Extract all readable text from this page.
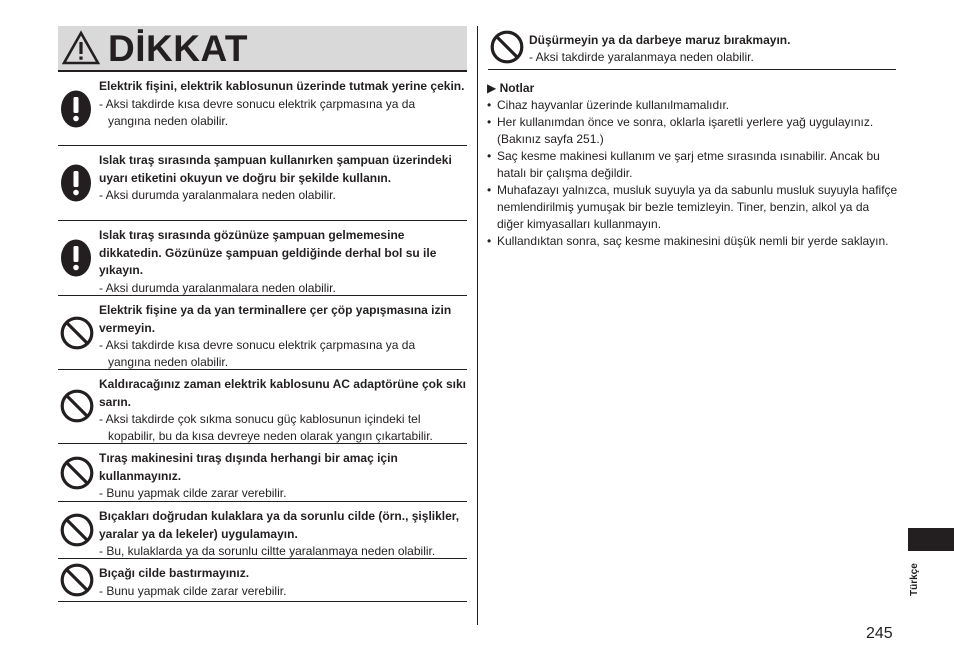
DİKKAT
Elektrik fişini, elektrik kablosunun üzerinde tutmak yerine çekin.
- Aksi takdirde kısa devre sonucu elektrik çarpmasına ya da
yangına neden olabilir.
Islak tıraş sırasında şampuan kullanırken şampuan üzerindeki uyarı etiketini okuyun ve doğru bir şekilde kullanın.
- Aksi durumda yaralanmalara neden olabilir.
Islak tıraş sırasında gözünüze şampuan gelmemesine dikkatedin. Gözünüze şampuan geldiğinde derhal bol su ile yıkayın.
- Aksi durumda yaralanmalara neden olabilir.
Elektrik fişine ya da yan terminallere çer çöp yapışmasına izin vermeyin.
- Aksi takdirde kısa devre sonucu elektrik çarpmasına ya da
yangına neden olabilir.
Kaldıracağınız zaman elektrik kablosunu AC adaptörüne çok sıkı sarın.
- Aksi takdirde çok sıkma sonucu güç kablosunun içindeki tel
kopabilir, bu da kısa devreye neden olarak yangın çıkartabilir.
Tıraş makinesini tıraş dışında herhangi bir amaç için kullanmayınız.
- Bunu yapmak cilde zarar verebilir.
Bıçakları doğrudan kulaklara ya da sorunlu cilde (örn., şişlikler, yaralar ya da lekeler) uygulamayın.
- Bu, kulaklarda ya da sorunlu ciltte yaralanmaya neden olabilir.
Bıçağı cilde bastırmayınız.
- Bunu yapmak cilde zarar verebilir.
Düşürmeyin ya da darbeye maruz bırakmayın.
- Aksi takdirde yaralanmaya neden olabilir.
▶ Notlar
• Cihaz hayvanlar üzerinde kullanılmamalıdır.
• Her kullanımdan önce ve sonra, oklarla işaretli yerlere yağ uygulayınız. (Bakınız sayfa 251.)
• Saç kesme makinesi kullanım ve şarj etme sırasında ısınabilir. Ancak bu hatalı bir çalışma değildir.
• Muhafazayı yalnızca, musluk suyuyla ya da sabunlu musluk suyuyla hafifçe nemlendirilmiş yumuşak bir bezle temizleyin. Tiner, benzin, alkol ya da diğer kimyasalları kullanmayın.
• Kullandıktan sonra, saç kesme makinesini düşük nemli bir yerde saklayın.
Türkçe
245
